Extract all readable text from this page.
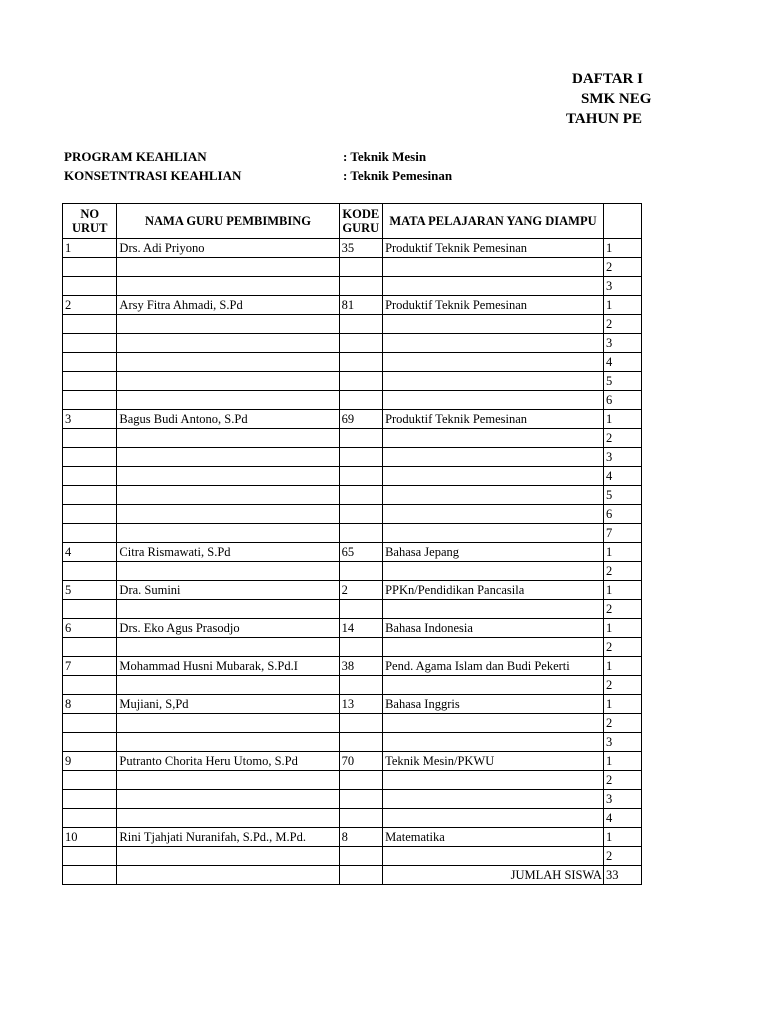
DAFTAR I
SMK NEG
TAHUN PE
PROGRAM KEAHLIAN	: Teknik Mesin
KONSETNTRASI KEAHLIAN	: Teknik Pemesinan
NO URUT	NAMA GURU PEMBIMBING	KODE GURU	MATA PELAJARAN YANG DIAMPU	
1	Drs. Adi Priyono	35	Produktif Teknik Pemesinan	1
				2
				3
2	Arsy Fitra Ahmadi, S.Pd	81	Produktif Teknik Pemesinan	1
				2
				3
				4
				5
				6
3	Bagus Budi Antono, S.Pd	69	Produktif Teknik Pemesinan	1
				2
				3
				4
				5
				6
				7
4	Citra Rismawati, S.Pd	65	Bahasa Jepang	1
				2
5	Dra. Sumini	2	PPKn/Pendidikan Pancasila	1
				2
6	Drs. Eko Agus Prasodjo	14	Bahasa Indonesia	1
				2
7	Mohammad Husni Mubarak, S.Pd.I	38	Pend. Agama Islam dan Budi Pekerti	1
				2
8	Mujiani, S,Pd	13	Bahasa Inggris	1
				2
				3
9	Putranto Chorita Heru Utomo, S.Pd	70	Teknik Mesin/PKWU	1
				2
				3
				4
10	Rini Tjahjati Nuranifah, S.Pd., M.Pd.	8	Matematika	1
				2
			JUMLAH SISWA	33
